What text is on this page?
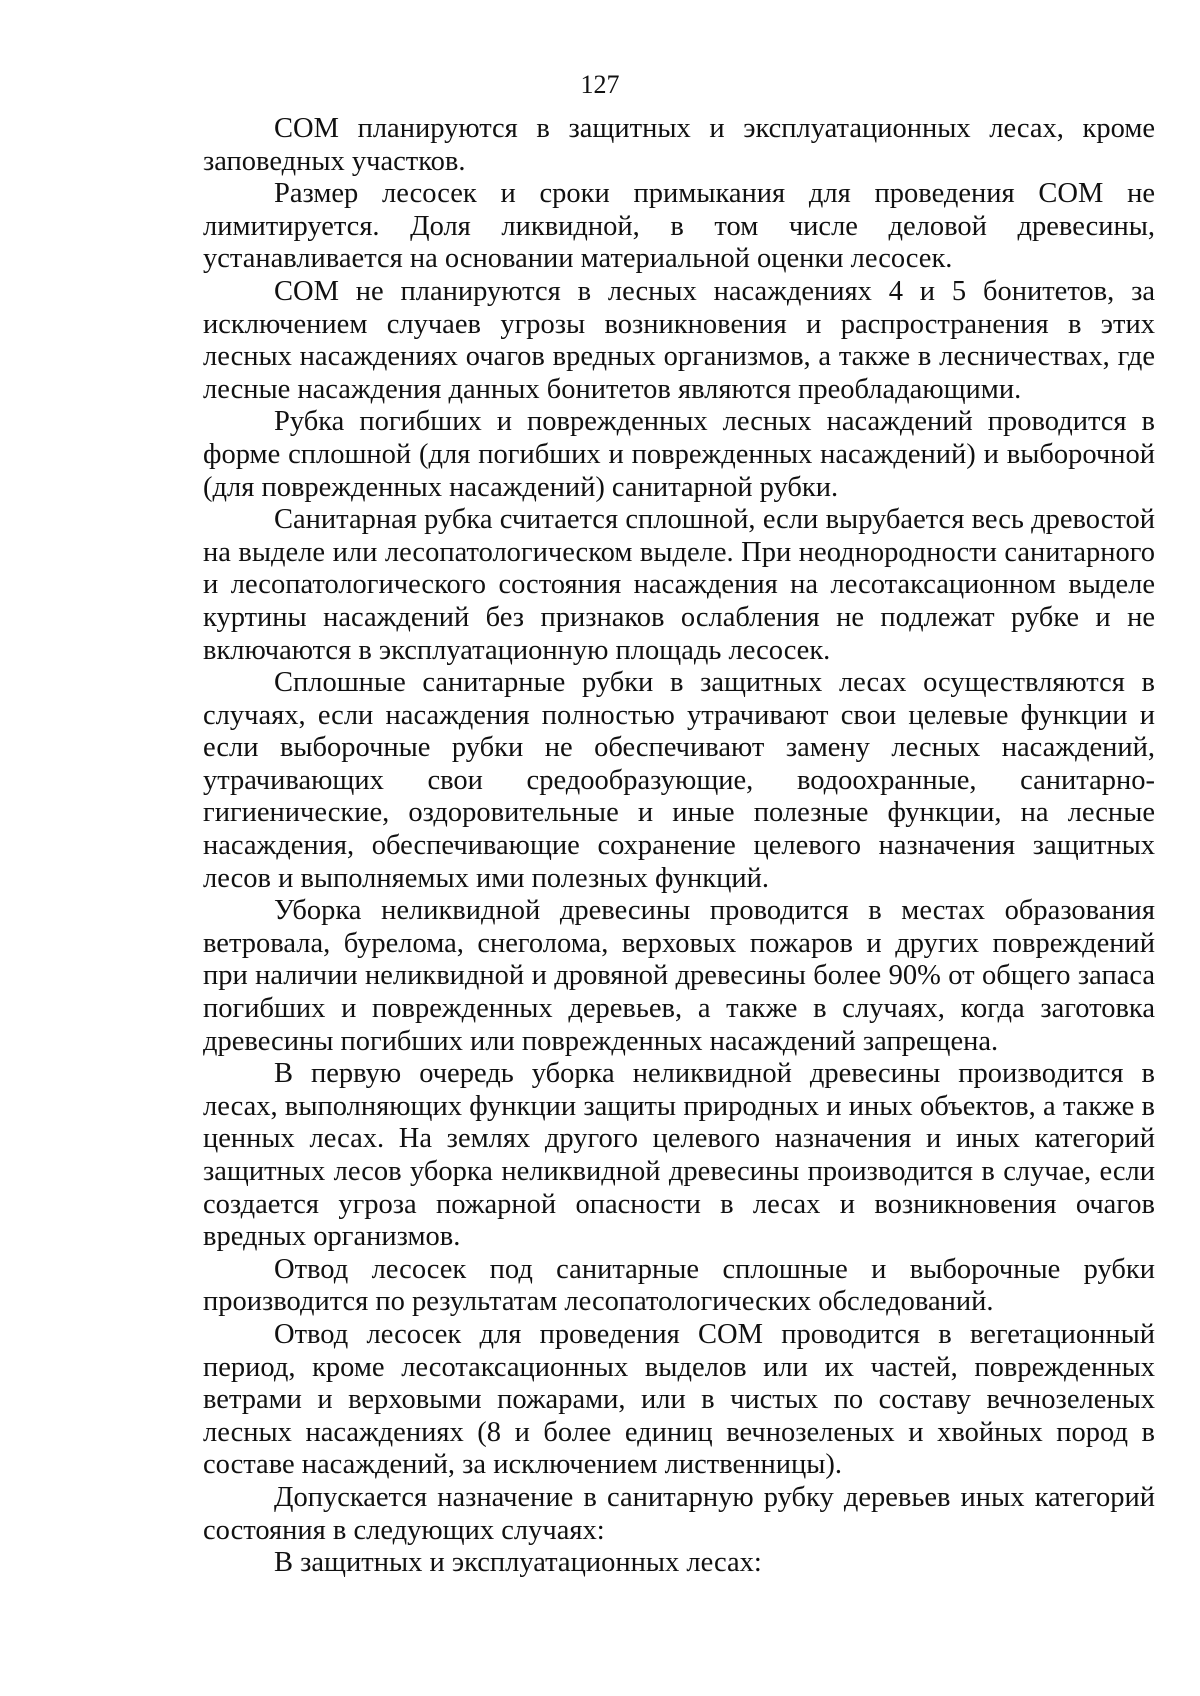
127

СОМ планируются в защитных и эксплуатационных лесах, кроме заповедных участков.

Размер лесосек и сроки примыкания для проведения СОМ не лимитируется. Доля ликвидной, в том числе деловой древесины, устанавливается на основании материальной оценки лесосек.

СОМ не планируются в лесных насаждениях 4 и 5 бонитетов, за исключением случаев угрозы возникновения и распространения в этих лесных насаждениях очагов вредных организмов, а также в лесничествах, где лесные насаждения данных бонитетов являются преобладающими.

Рубка погибших и поврежденных лесных насаждений проводится в форме сплошной (для погибших и поврежденных насаждений) и выборочной (для поврежденных насаждений) санитарной рубки.

Санитарная рубка считается сплошной, если вырубается весь древостой на выделе или лесопатологическом выделе. При неоднородности санитарного и лесопатологического состояния насаждения на лесотаксационном выделе куртины насаждений без признаков ослабления не подлежат рубке и не включаются в эксплуатационную площадь лесосек.

Сплошные санитарные рубки в защитных лесах осуществляются в случаях, если насаждения полностью утрачивают свои целевые функции и если выборочные рубки не обеспечивают замену лесных насаждений, утрачивающих свои средообразующие, водоохранные, санитарно-гигиенические, оздоровительные и иные полезные функции, на лесные насаждения, обеспечивающие сохранение целевого назначения защитных лесов и выполняемых ими полезных функций.

Уборка неликвидной древесины проводится в местах образования ветровала, бурелома, снеголома, верховых пожаров и других повреждений при наличии неликвидной и дровяной древесины более 90% от общего запаса погибших и поврежденных деревьев, а также в случаях, когда заготовка древесины погибших или поврежденных насаждений запрещена.

В первую очередь уборка неликвидной древесины производится в лесах, выполняющих функции защиты природных и иных объектов, а также в ценных лесах. На землях другого целевого назначения и иных категорий защитных лесов уборка неликвидной древесины производится в случае, если создается угроза пожарной опасности в лесах и возникновения очагов вредных организмов.

Отвод лесосек под санитарные сплошные и выборочные рубки производится по результатам лесопатологических обследований.

Отвод лесосек для проведения СОМ проводится в вегетационный период, кроме лесотаксационных выделов или их частей, поврежденных ветрами и верховыми пожарами, или в чистых по составу вечнозеленых лесных насаждениях (8 и более единиц вечнозеленых и хвойных пород в составе насаждений, за исключением лиственницы).

Допускается назначение в санитарную рубку деревьев иных категорий состояния в следующих случаях:

В защитных и эксплуатационных лесах:
